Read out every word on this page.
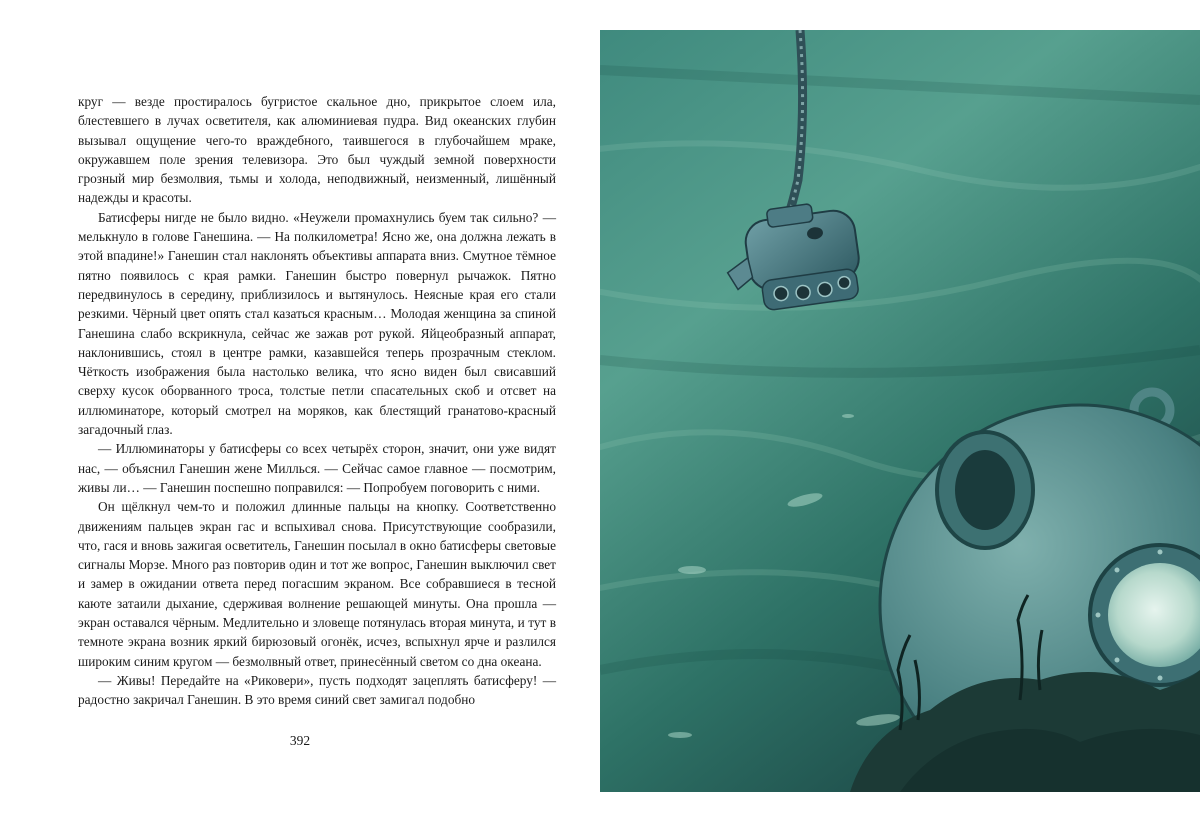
круг — везде простиралось бугристое скальное дно, прикрытое слоем ила, блестевшего в лучах осветителя, как алюминиевая пудра. Вид океанских глубин вызывал ощущение чего-то враждебного, таившегося в глубочайшем мраке, окружавшем поле зрения телевизора. Это был чуждый земной поверхности грозный мир безмолвия, тьмы и холода, неподвижный, неизменный, лишённый надежды и красоты.

Батисферы нигде не было видно. «Неужели промахнулись буем так сильно? — мелькнуло в голове Ганешина. — На полкилометра! Ясно же, она должна лежать в этой впадине!» Ганешин стал наклонять объективы аппарата вниз. Смутное тёмное пятно появилось с края рамки. Ганешин быстро повернул рычажок. Пятно передвинулось в середину, приблизилось и вытянулось. Неясные края его стали резкими. Чёрный цвет опять стал казаться красным… Молодая женщина за спиной Ганешина слабо вскрикнула, сейчас же зажав рот рукой. Яйцеобразный аппарат, наклонившись, стоял в центре рамки, казавшейся теперь прозрачным стеклом. Чёткость изображения была настолько велика, что ясно виден был свисавший сверху кусок оборванного троса, толстые петли спасательных скоб и отсвет на иллюминаторе, который смотрел на моряков, как блестящий гранатово-красный загадочный глаз.

— Иллюминаторы у батисферы со всех четырёх сторон, значит, они уже видят нас, — объяснил Ганешин жене Миллься. — Сейчас самое главное — посмотрим, живы ли… — Ганешин поспешно поправился: — Попробуем поговорить с ними.

Он щёлкнул чем-то и положил длинные пальцы на кнопку. Соответственно движениям пальцев экран гас и вспыхивал снова. Присутствующие сообразили, что, гася и вновь зажигая осветитель, Ганешин посылал в окно батисферы световые сигналы Морзе. Много раз повторив один и тот же вопрос, Ганешин выключил свет и замер в ожидании ответа перед погасшим экраном. Все собравшиеся в тесной каюте затаили дыхание, сдерживая волнение решающей минуты. Она прошла — экран оставался чёрным. Медлительно и зловеще потянулась вторая минута, и тут в темноте экрана возник яркий бирюзовый огонёк, исчез, вспыхнул ярче и разлился широким синим кругом — безмолвный ответ, принесённый светом со дна океана.

— Живы! Передайте на «Риковери», пусть подходят зацеплять батисферу! — радостно закричал Ганешин. В это время синий свет замигал подобно

392
